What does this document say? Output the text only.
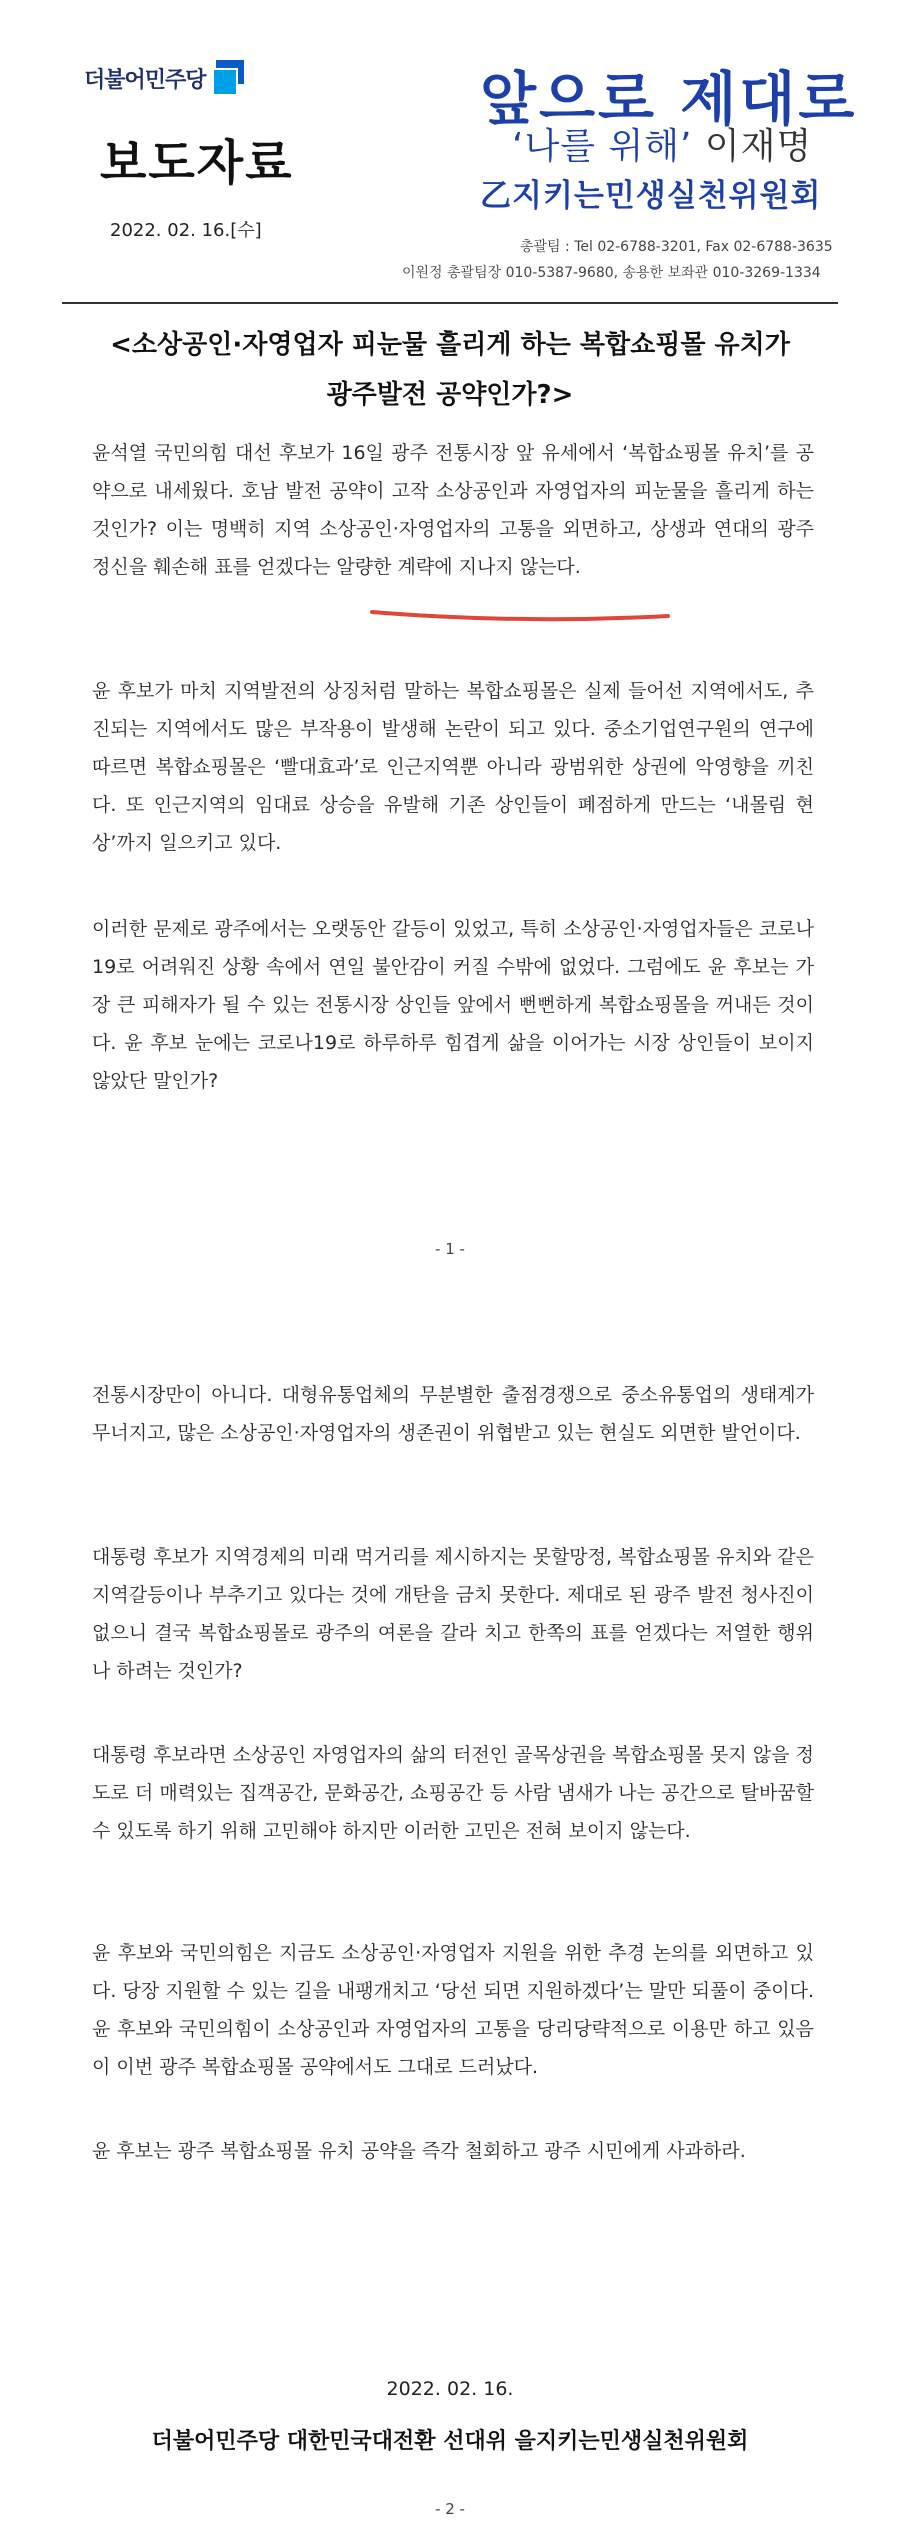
더불어민주당
보도자료
2022. 02. 16.[수]
앞으로 제대로
‘나를 위해’ 이재명
乙지키는민생실천위원회
총괄팀 : Tel 02-6788-3201, Fax 02-6788-3635
이원정 총괄팀장 010-5387-9680, 송용한 보좌관 010-3269-1334
<소상공인·자영업자 피눈물 흘리게 하는 복합쇼핑몰 유치가
광주발전 공약인가?>

윤석열 국민의힘 대선 후보가 16일 광주 전통시장 앞 유세에서 ‘복합쇼핑몰 유치’를 공약으로 내세웠다. 호남 발전 공약이 고작 소상공인과 자영업자의 피눈물을 흘리게 하는 것인가? 이는 명백히 지역 소상공인·자영업자의 고통을 외면하고, 상생과 연대의 광주 정신을 훼손해 표를 얻겠다는 알량한 계략에 지나지 않는다.

윤 후보가 마치 지역발전의 상징처럼 말하는 복합쇼핑몰은 실제 들어선 지역에서도, 추진되는 지역에서도 많은 부작용이 발생해 논란이 되고 있다. 중소기업연구원의 연구에 따르면 복합쇼핑몰은 ‘빨대효과’로 인근지역뿐 아니라 광범위한 상권에 악영향을 끼친다. 또 인근지역의 임대료 상승을 유발해 기존 상인들이 폐점하게 만드는 ‘내몰림 현상’까지 일으키고 있다.

이러한 문제로 광주에서는 오랫동안 갈등이 있었고, 특히 소상공인·자영업자들은 코로나19로 어려워진 상황 속에서 연일 불안감이 커질 수밖에 없었다. 그럼에도 윤 후보는 가장 큰 피해자가 될 수 있는 전통시장 상인들 앞에서 뻔뻔하게 복합쇼핑몰을 꺼내든 것이다. 윤 후보 눈에는 코로나19로 하루하루 힘겹게 삶을 이어가는 시장 상인들이 보이지 않았단 말인가?

- 1 -

전통시장만이 아니다. 대형유통업체의 무분별한 출점경쟁으로 중소유통업의 생태계가 무너지고, 많은 소상공인·자영업자의 생존권이 위협받고 있는 현실도 외면한 발언이다.

대통령 후보가 지역경제의 미래 먹거리를 제시하지는 못할망정, 복합쇼핑몰 유치와 같은 지역갈등이나 부추기고 있다는 것에 개탄을 금치 못한다. 제대로 된 광주 발전 청사진이 없으니 결국 복합쇼핑몰로 광주의 여론을 갈라 치고 한쪽의 표를 얻겠다는 저열한 행위나 하려는 것인가?

대통령 후보라면 소상공인 자영업자의 삶의 터전인 골목상권을 복합쇼핑몰 못지 않을 정도로 더 매력있는 집객공간, 문화공간, 쇼핑공간 등 사람 냄새가 나는 공간으로 탈바꿈할 수 있도록 하기 위해 고민해야 하지만 이러한 고민은 전혀 보이지 않는다.

윤 후보와 국민의힘은 지금도 소상공인·자영업자 지원을 위한 추경 논의를 외면하고 있다. 당장 지원할 수 있는 길을 내팽개치고 ‘당선 되면 지원하겠다’는 말만 되풀이 중이다. 윤 후보와 국민의힘이 소상공인과 자영업자의 고통을 당리당략적으로 이용만 하고 있음이 이번 광주 복합쇼핑몰 공약에서도 그대로 드러났다.

윤 후보는 광주 복합쇼핑몰 유치 공약을 즉각 철회하고 광주 시민에게 사과하라.

2022. 02. 16.
더불어민주당 대한민국대전환 선대위 을지키는민생실천위원회
- 2 -
